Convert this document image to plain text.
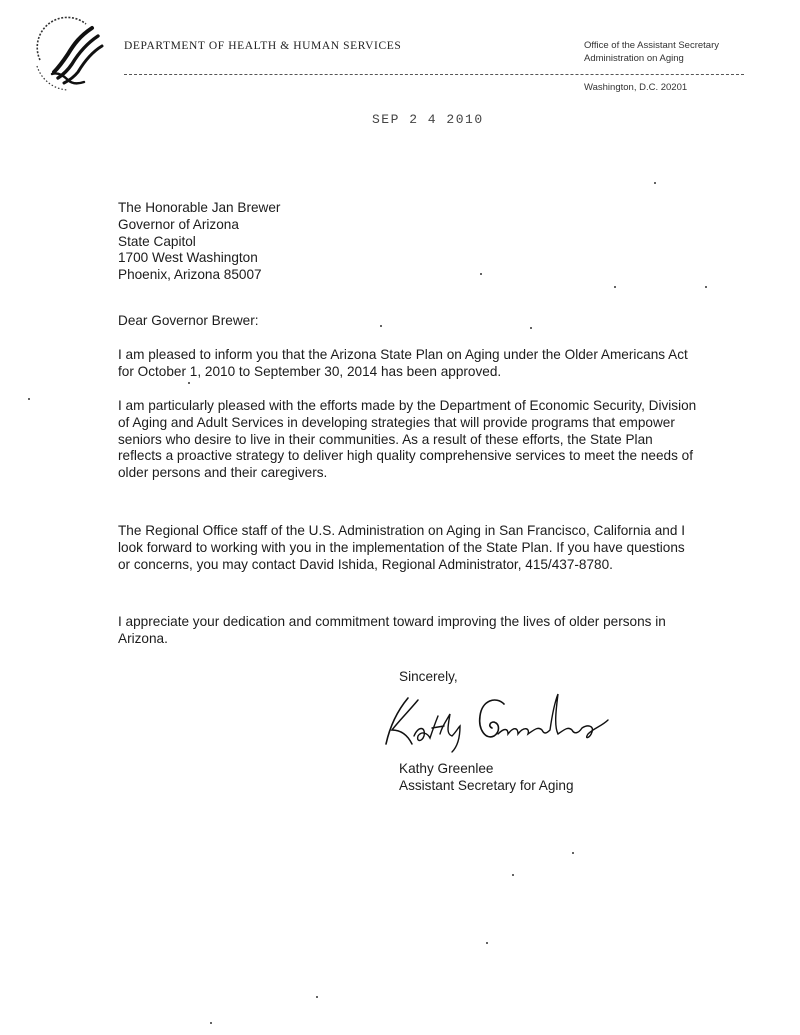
DEPARTMENT OF HEALTH & HUMAN SERVICES	Office of the Assistant Secretary
Administration on Aging
Washington, D.C. 20201
SEP 2 4 2010
The Honorable Jan Brewer
Governor of Arizona
State Capitol
1700 West Washington
Phoenix, Arizona 85007
Dear Governor Brewer:
I am pleased to inform you that the Arizona State Plan on Aging under the Older Americans Act for October 1, 2010 to September 30, 2014 has been approved.
I am particularly pleased with the efforts made by the Department of Economic Security, Division of Aging and Adult Services in developing strategies that will provide programs that empower seniors who desire to live in their communities. As a result of these efforts, the State Plan reflects a proactive strategy to deliver high quality comprehensive services to meet the needs of older persons and their caregivers.
The Regional Office staff of the U.S. Administration on Aging in San Francisco, California and I look forward to working with you in the implementation of the State Plan. If you have questions or concerns, you may contact David Ishida, Regional Administrator, 415/437-8780.
I appreciate your dedication and commitment toward improving the lives of older persons in Arizona.
Sincerely,
Kathy Greenlee
Assistant Secretary for Aging
